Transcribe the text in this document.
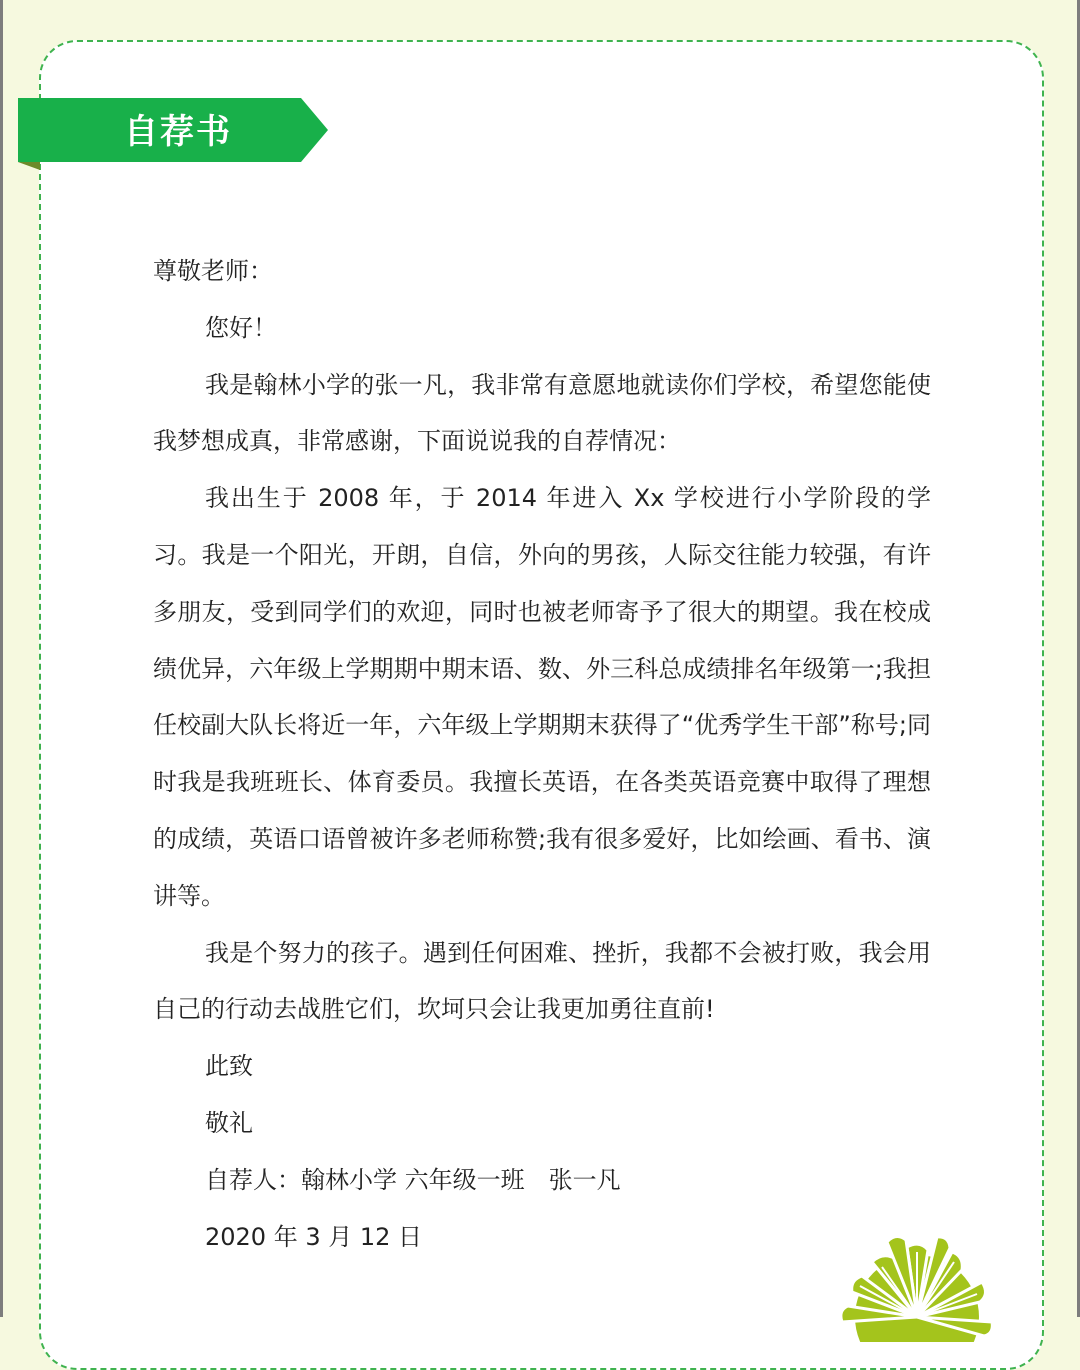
自荐书

尊敬老师：

您好！

我是翰林小学的张一凡，我非常有意愿地就读你们学校，希望您能使我梦想成真，非常感谢，下面说说我的自荐情况：

我出生于 2008 年，于 2014 年进入 Xx 学校进行小学阶段的学习。我是一个阳光，开朗，自信，外向的男孩，人际交往能力较强，有许多朋友，受到同学们的欢迎，同时也被老师寄予了很大的期望。我在校成绩优异，六年级上学期期中期末语、数、外三科总成绩排名年级第一;我担任校副大队长将近一年，六年级上学期期末获得了“优秀学生干部”称号;同时我是我班班长、体育委员。我擅长英语，在各类英语竞赛中取得了理想的成绩，英语口语曾被许多老师称赞;我有很多爱好，比如绘画、看书、演讲等。

我是个努力的孩子。遇到任何困难、挫折，我都不会被打败，我会用自己的行动去战胜它们，坎坷只会让我更加勇往直前!

此致

敬礼

自荐人：翰林小学 六年级一班　张一凡

2020 年 3 月 12 日
